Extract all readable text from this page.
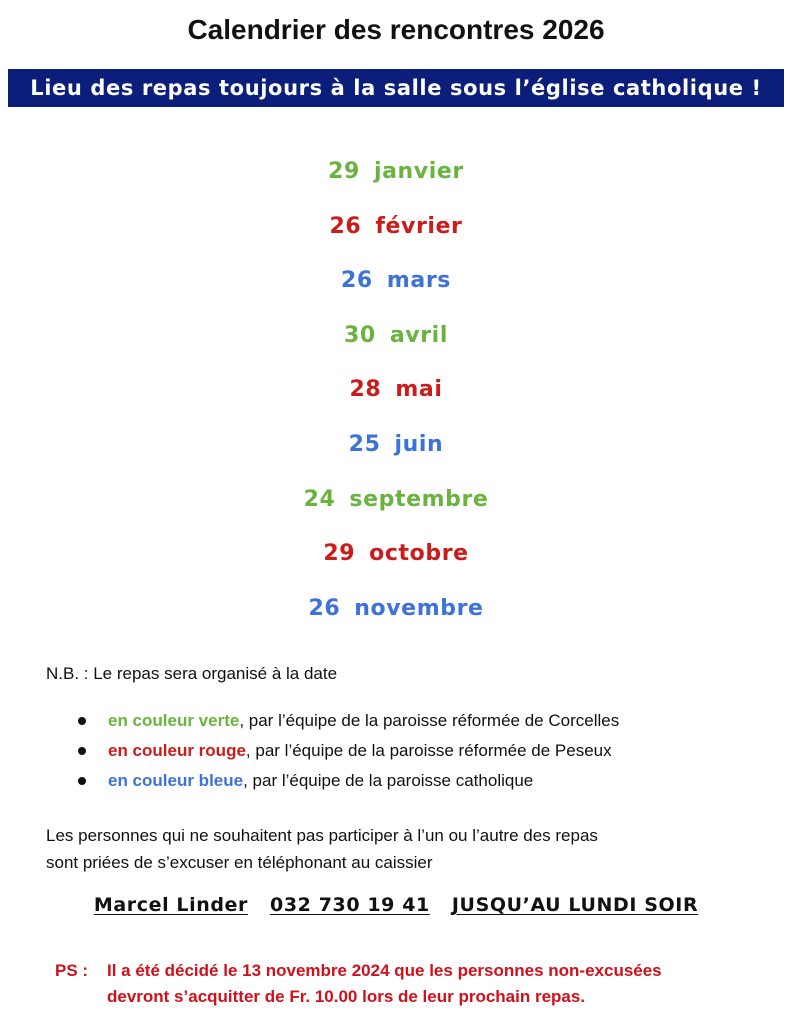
Calendrier des rencontres 2026
Lieu des repas toujours à la salle sous l’église catholique !
29 janvier
26 février
26 mars
30 avril
28 mai
25 juin
24 septembre
29 octobre
26 novembre
N.B. : Le repas sera organisé à la date
en couleur verte, par l’équipe de la paroisse réformée de Corcelles
en couleur rouge, par l’équipe de la paroisse réformée de Peseux
en couleur bleue, par l’équipe de la paroisse catholique
Les personnes qui ne souhaitent pas participer à l’un ou l’autre des repas
sont priées de s’excuser en téléphonant au caissier
Marcel Linder 032 730 19 41 JUSQU’AU LUNDI SOIR
PS : Il a été décidé le 13 novembre 2024 que les personnes non-excusées
devront s’acquitter de Fr. 10.00 lors de leur prochain repas.
